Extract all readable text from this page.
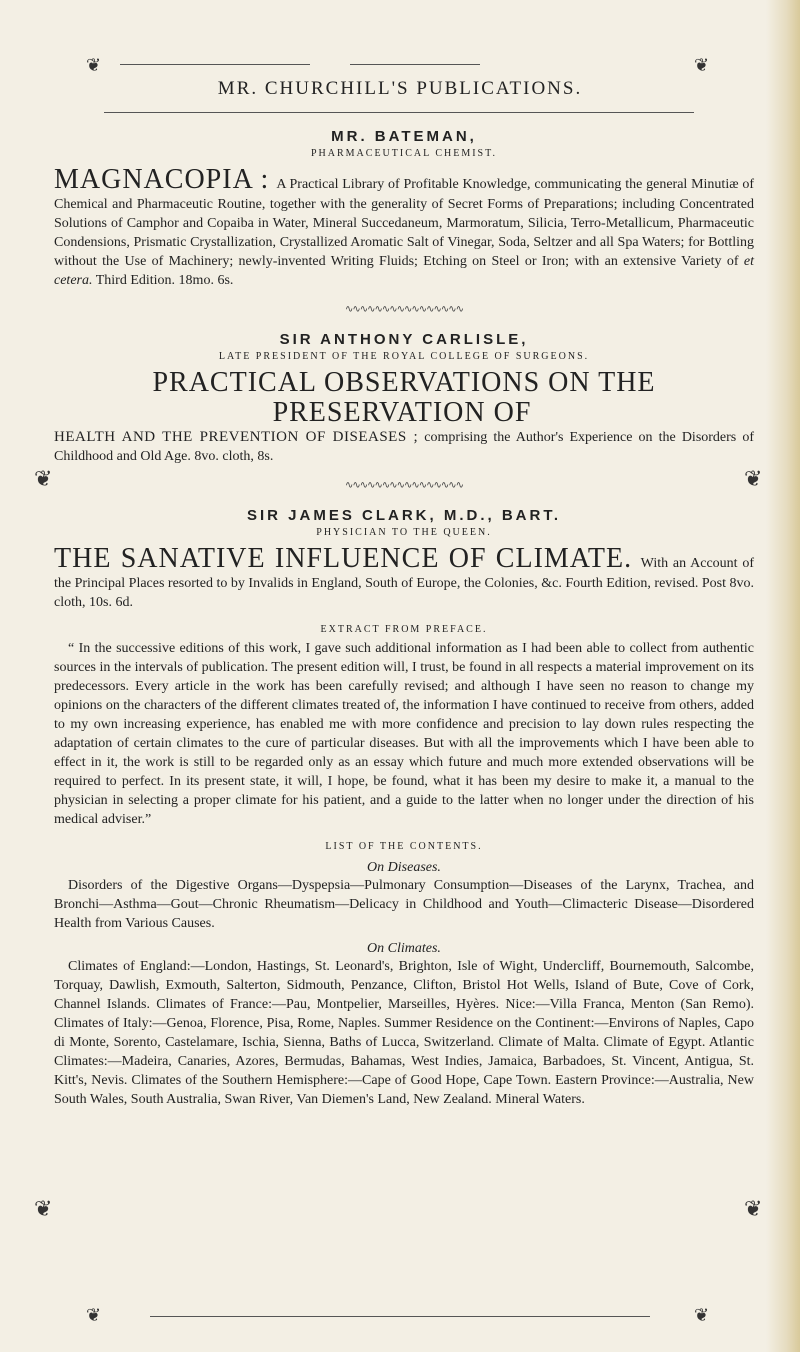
❦	❦
MR. CHURCHILL'S PUBLICATIONS.
❦	❦
❦	❦

MR. BATEMAN,

PHARMACEUTICAL CHEMIST.

MAGNACOPIA : A Practical Library of Profitable Knowledge, communicating the general Minutiæ of Chemical and Pharmaceutic Routine, together with the generality of Secret Forms of Preparations; including Concentrated Solutions of Camphor and Copaiba in Water, Mineral Succedaneum, Marmoratum, Silicia, Terro-Metallicum, Pharmaceutic Condensions, Prismatic Crystallization, Crystallized Aromatic Salt of Vinegar, Soda, Seltzer and all Spa Waters; for Bottling without the Use of Machinery; newly-invented Writing Fluids; Etching on Steel or Iron; with an extensive Variety of et cetera. Third Edition. 18mo. 6s.

∿∿∿∿∿∿∿∿∿∿∿∿∿∿∿∿

SIR ANTHONY CARLISLE,

LATE PRESIDENT OF THE ROYAL COLLEGE OF SURGEONS.

PRACTICAL OBSERVATIONS ON THE PRESERVATION OF

HEALTH AND THE PREVENTION OF DISEASES ; comprising the Author's Experience on the Disorders of Childhood and Old Age. 8vo. cloth, 8s.

∿∿∿∿∿∿∿∿∿∿∿∿∿∿∿∿

SIR JAMES CLARK, M.D., BART.

PHYSICIAN TO THE QUEEN.

THE SANATIVE INFLUENCE OF CLIMATE. With an Account of the Principal Places resorted to by Invalids in England, South of Europe, the Colonies, &c. Fourth Edition, revised. Post 8vo. cloth, 10s. 6d.

EXTRACT FROM PREFACE.

“ In the successive editions of this work, I gave such additional information as I had been able to collect from authentic sources in the intervals of publication. The present edition will, I trust, be found in all respects a material improvement on its predecessors. Every article in the work has been carefully revised; and although I have seen no reason to change my opinions on the characters of the different climates treated of, the information I have continued to receive from others, added to my own increasing experience, has enabled me with more confidence and precision to lay down rules respecting the adaptation of certain climates to the cure of particular diseases. But with all the improvements which I have been able to effect in it, the work is still to be regarded only as an essay which future and much more extended observations will be required to perfect. In its present state, it will, I hope, be found, what it has been my desire to make it, a manual to the physician in selecting a proper climate for his patient, and a guide to the latter when no longer under the direction of his medical adviser.”

LIST OF THE CONTENTS.

On Diseases.

Disorders of the Digestive Organs—Dyspepsia—Pulmonary Consumption—Diseases of the Larynx, Trachea, and Bronchi—Asthma—Gout—Chronic Rheumatism—Delicacy in Childhood and Youth—Climacteric Disease—Disordered Health from Various Causes.

On Climates.

Climates of England:—London, Hastings, St. Leonard's, Brighton, Isle of Wight, Undercliff, Bournemouth, Salcombe, Torquay, Dawlish, Exmouth, Salterton, Sidmouth, Penzance, Clifton, Bristol Hot Wells, Island of Bute, Cove of Cork, Channel Islands. Climates of France:—Pau, Montpelier, Marseilles, Hyères. Nice:—Villa Franca, Menton (San Remo). Climates of Italy:—Genoa, Florence, Pisa, Rome, Naples. Summer Residence on the Continent:—Environs of Naples, Capo di Monte, Sorento, Castelamare, Ischia, Sienna, Baths of Lucca, Switzerland. Climate of Malta. Climate of Egypt. Atlantic Climates:—Madeira, Canaries, Azores, Bermudas, Bahamas, West Indies, Jamaica, Barbadoes, St. Vincent, Antigua, St. Kitt's, Nevis. Climates of the Southern Hemisphere:—Cape of Good Hope, Cape Town. Eastern Province:—Australia, New South Wales, South Australia, Swan River, Van Diemen's Land, New Zealand. Mineral Waters.

❦	❦
